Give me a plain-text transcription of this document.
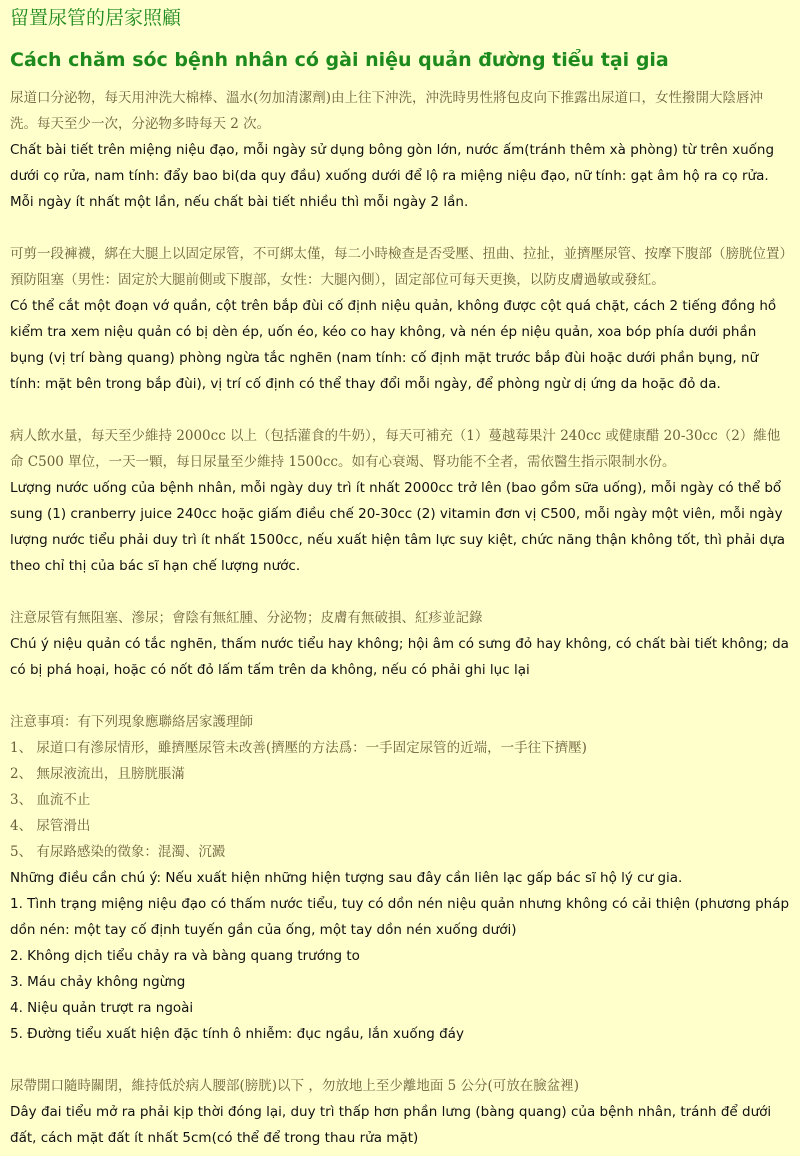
留置尿管的居家照顧
Cách chăm sóc bệnh nhân có gài niệu quản đường tiểu tại gia

尿道口分泌物，每天用沖洗大棉棒、溫水(勿加清潔劑)由上往下沖洗，沖洗時男性將包皮向下推露出尿道口，女性撥開大陰唇沖洗。每天至少一次，分泌物多時每天 2 次。

Chất bài tiết trên miệng niệu đạo, mỗi ngày sử dụng bông gòn lớn, nước ấm(tránh thêm xà phòng) từ trên xuống dưới cọ rửa, nam tính: đẩy bao bi(da quy đầu) xuống dưới để lộ ra miệng niệu đạo, nữ tính: gạt âm hộ ra cọ rửa. Mỗi ngày ít nhất một lần, nếu chất bài tiết nhiều thì mỗi ngày 2 lần.

可剪一段褲襪，綁在大腿上以固定尿管，不可綁太僅，每二小時檢查是否受壓、扭曲、拉扯，並擠壓尿管、按摩下腹部（膀胱位置）預防阻塞（男性：固定於大腿前側或下腹部，女性：大腿內側），固定部位可每天更換，以防皮膚過敏或發紅。

Có thể cắt một đoạn vớ quần, cột trên bắp đùi cố định niệu quản, không được cột quá chặt, cách 2 tiếng đồng hồ kiểm tra xem niệu quản có bị dèn ép, uốn éo, kéo co hay không, và nén ép niệu quản, xoa bóp phía dưới phần bụng (vị trí bàng quang) phòng ngừa tắc nghẽn (nam tính: cố định mặt trước bắp đùi hoặc dưới phần bụng, nữ tính: mặt bên trong bắp đùi), vị trí cố định có thể thay đổi mỗi ngày, để phòng ngừ dị ứng da hoặc đỏ da.

病人飲水量，每天至少維持 2000cc 以上（包括灌食的牛奶），每天可補充（1）蔓越莓果汁 240cc 或健康醋 20-30cc（2）維他命 C500 單位，一天一顆，每日尿量至少維持 1500cc。如有心衰竭、腎功能不全者，需依醫生指示限制水份。

Lượng nước uống của bệnh nhân, mỗi ngày duy trì ít nhất 2000cc trở lên (bao gồm sữa uống), mỗi ngày có thể bổ sung (1) cranberry juice 240cc hoặc giấm điều chế 20-30cc (2) vitamin đơn vị C500, mỗi ngày một viên, mỗi ngày lượng nước tiểu phải duy trì ít nhất 1500cc, nếu xuất hiện tâm lực suy kiệt, chức năng thận không tốt, thì phải dựa theo chỉ thị của bác sĩ hạn chế lượng nước.

注意尿管有無阻塞、滲尿；會陰有無紅腫、分泌物；皮膚有無破損、紅疹並記錄

Chú ý niệu quản có tắc nghẽn, thấm nước tiểu hay không; hội âm có sưng đỏ hay không, có chất bài tiết không; da có bị phá hoại, hoặc có nốt đỏ lấm tấm trên da không, nếu có phải ghi lục lại

注意事項：有下列現象應聯絡居家護理師
1、 尿道口有滲尿情形，雖擠壓尿管未改善(擠壓的方法爲：一手固定尿管的近端，一手往下擠壓)
2、 無尿液流出，且膀胱脹滿
3、 血流不止
4、 尿管滑出
5、 有尿路感染的徵象：混濁、沉澱

Những điều cần chú ý: Nếu xuất hiện những hiện tượng sau đây cần liên lạc gấp bác sĩ hộ lý cư gia.
1. Tình trạng miệng niệu đạo có thấm nước tiểu, tuy có dồn nén niệu quản nhưng không có cải thiện (phương pháp dồn nén: một tay cố định tuyến gần của ống, một tay dồn nén xuống dưới)
2. Không dịch tiểu chảy ra và bàng quang trướng to
3. Máu chảy không ngừng
4. Niệu quản trượt ra ngoài
5. Đường tiểu xuất hiện đặc tính ô nhiễm: đục ngầu, lắn xuống đáy

尿帶開口隨時關閉，維持低於病人腰部(膀胱)以下 ，勿放地上至少離地面 5 公分(可放在臉盆裡)

Dây đai tiểu mở ra phải kịp thời đóng lại, duy trì thấp hơn phần lưng (bàng quang) của bệnh nhân, tránh để dưới đất, cách mặt đất ít nhất 5cm(có thể để trong thau rửa mặt)
